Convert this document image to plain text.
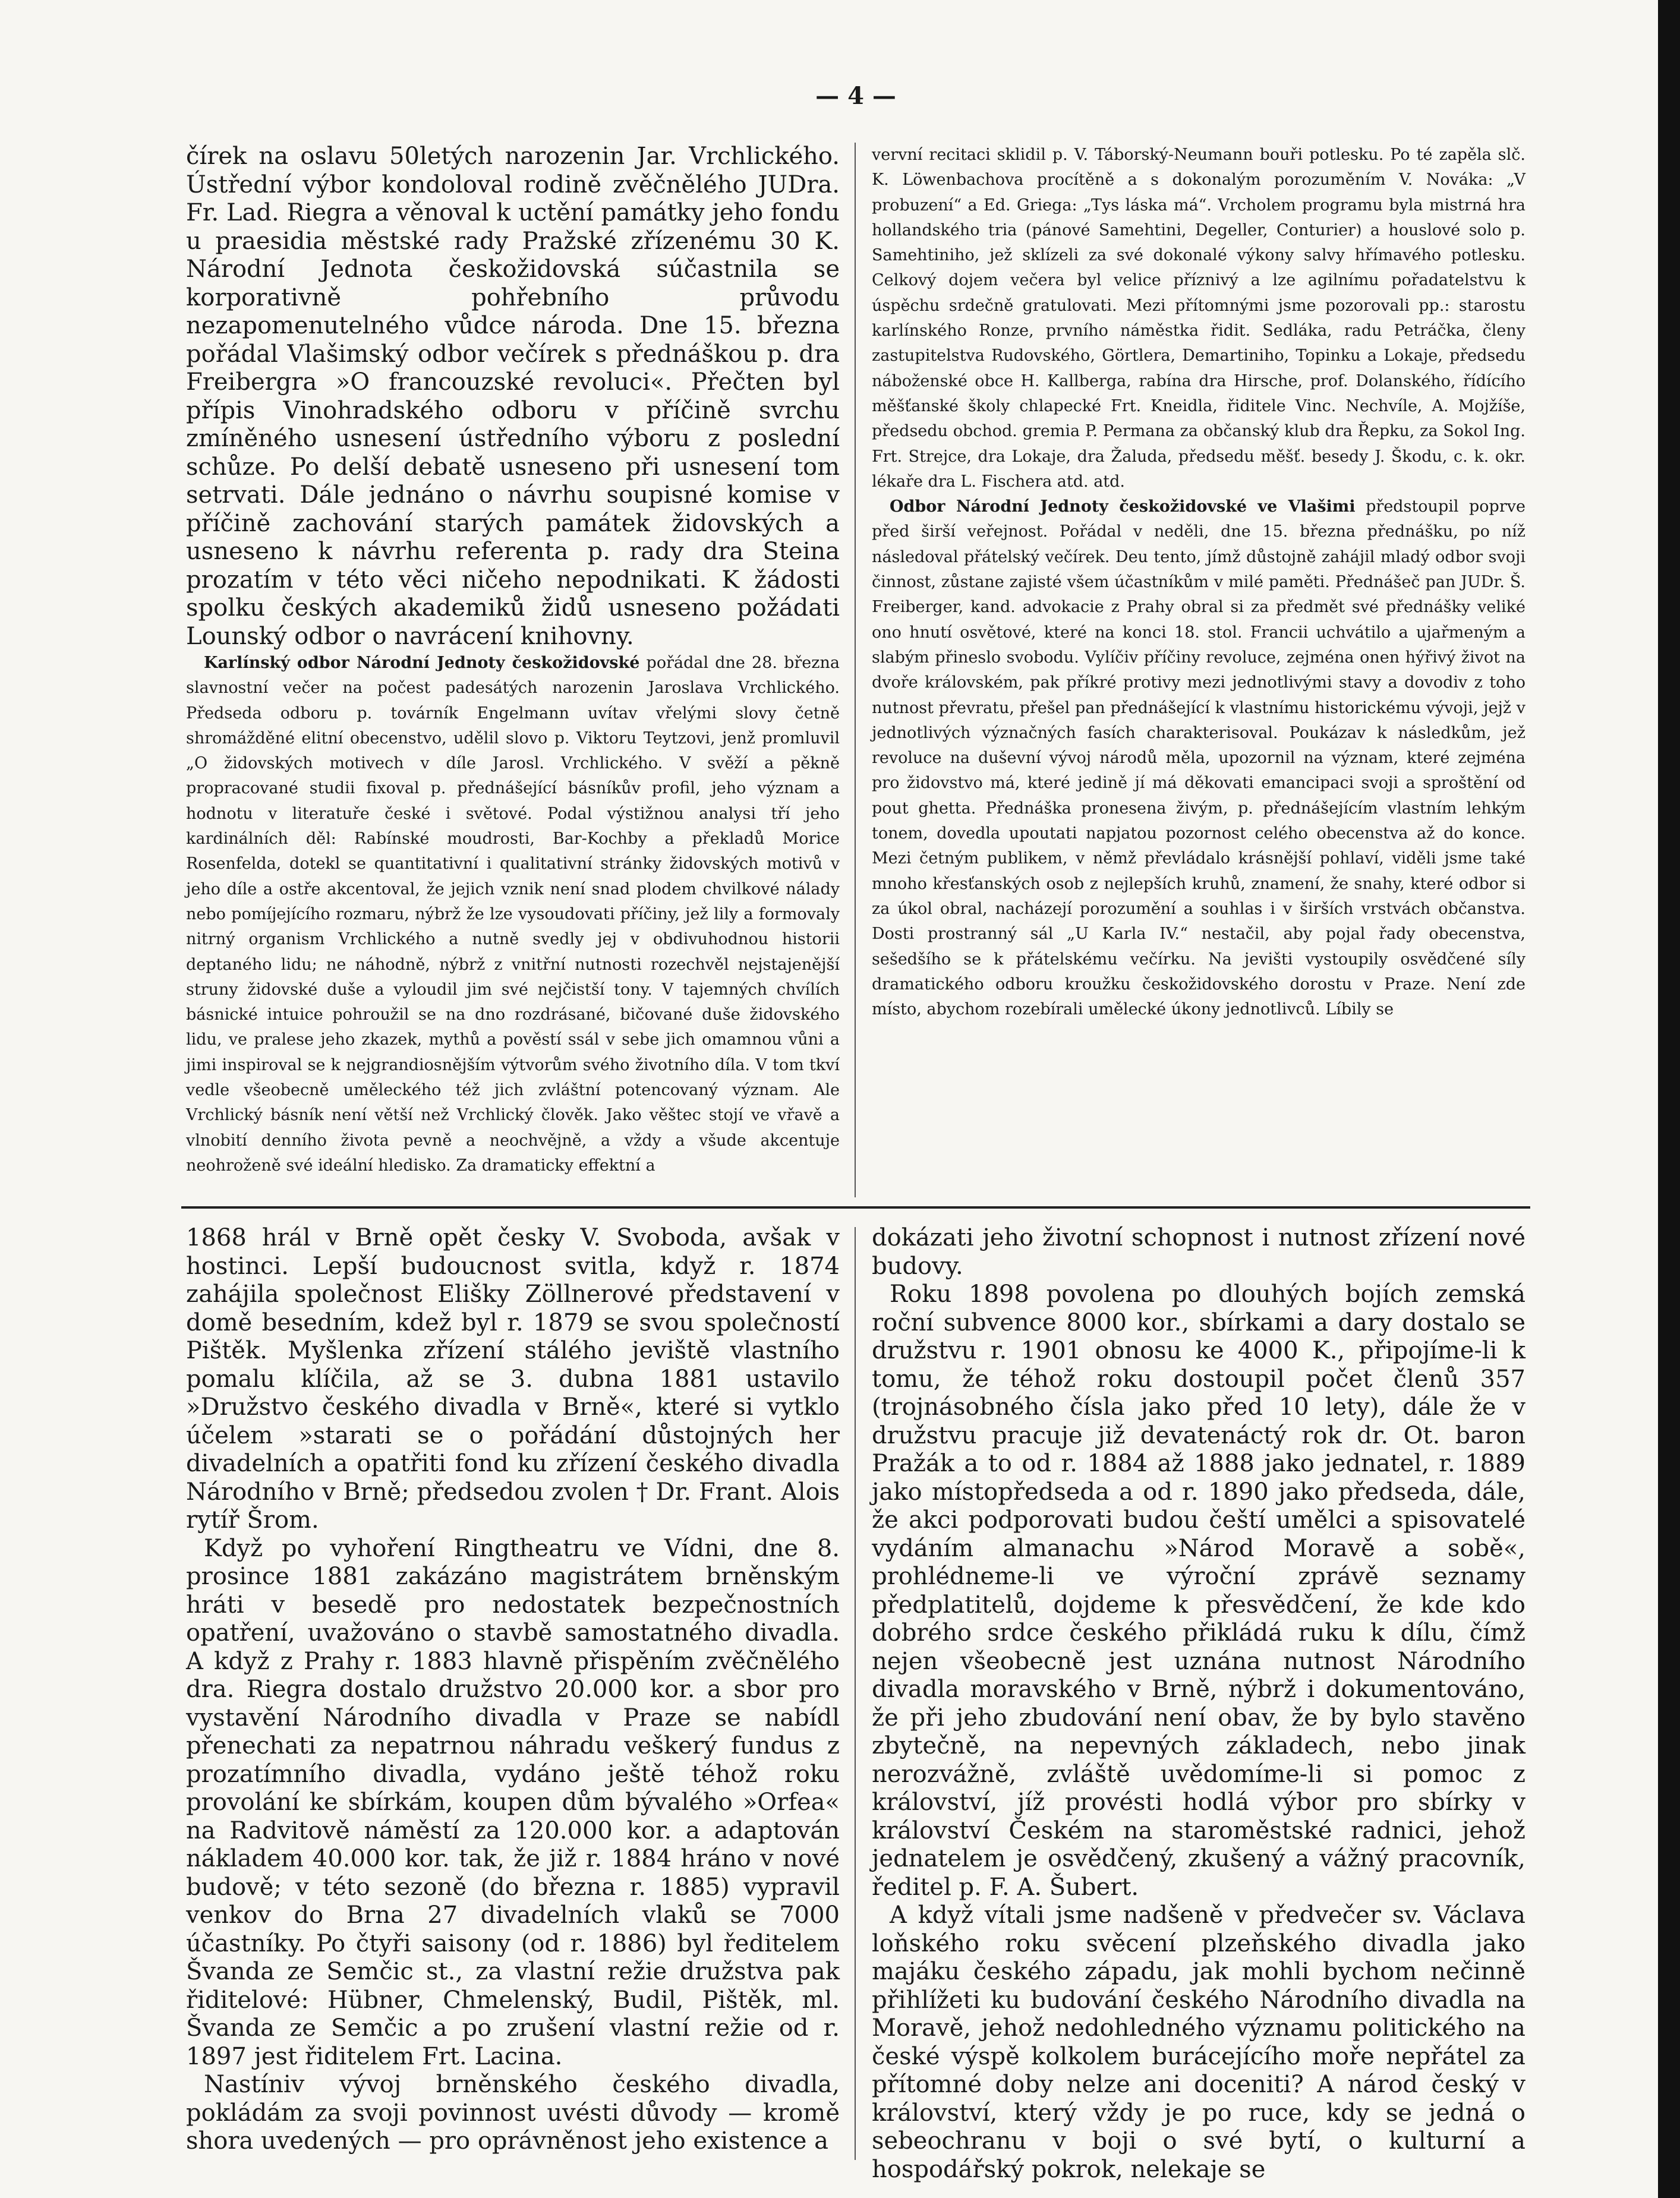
— 4 —

čírek na oslavu 50letých narozenin Jar. Vrchlického. Ústřední výbor kondoloval rodině zvěčnělého JUDra. Fr. Lad. Riegra a věnoval k uctění památky jeho fondu u praesidia městské rady Pražské zřízenému 30 K. Národní Jednota českožidovská súčastnila se korporativně pohřebního průvodu nezapomenutelného vůdce národa. Dne 15. března pořádal Vlašimský odbor večírek s přednáškou p. dra Freibergra »O francouzské revoluci«. Přečten byl přípis Vinohradského odboru v příčině svrchu zmíněného usnesení ústředního výboru z poslední schůze. Po delší debatě usneseno při usnesení tom setrvati. Dále jednáno o návrhu soupisné komise v příčině zachování starých památek židovských a usneseno k návrhu referenta p. rady dra Steina prozatím v této věci ničeho nepodnikati. K žádosti spolku českých akademiků židů usneseno požádati Lounský odbor o navrácení knihovny.

Karlínský odbor Národní Jednoty českožidovské pořádal dne 28. března slavnostní večer na počest padesátých narozenin Jaroslava Vrchlického. Předseda odboru p. továrník Engelmann uvítav vřelými slovy četně shromážděné elitní obecenstvo, udělil slovo p. Viktoru Teytzovi, jenž promluvil „O židovských motivech v díle Jarosl. Vrchlického. V svěží a pěkně propracované studii fixoval p. přednášející básníkův profil, jeho význam a hodnotu v literatuře české i světové. Podal výstižnou analysi tří jeho kardinálních děl: Rabínské moudrosti, Bar-Kochby a překladů Morice Rosenfelda, dotekl se quantitativní i qualitativní stránky židovských motivů v jeho díle a ostře akcentoval, že jejich vznik není snad plodem chvilkové nálady nebo pomíjejícího rozmaru, nýbrž že lze vysoudovati příčiny, jež lily a formovaly nitrný organism Vrchlického a nutně svedly jej v obdivuhodnou historii deptaného lidu; ne náhodně, nýbrž z vnitřní nutnosti rozechvěl nejstajenější struny židovské duše a vyloudil jim své nejčistší tony. V tajemných chvílích básnické intuice pohroužil se na dno rozdrásané, bičované duše židovského lidu, ve pralese jeho zkazek, mythů a pověstí ssál v sebe jich omamnou vůni a jimi inspiroval se k nejgrandiosnějším výtvorům svého životního díla. V tom tkví vedle všeobecně uměleckého též jich zvláštní potencovaný význam. Ale Vrchlický básník není větší než Vrchlický člověk. Jako věštec stojí ve vřavě a vlnobití denního života pevně a neochvějně, a vždy a všude akcentuje neohroženě své ideální hledisko. Za dramaticky effektní a

vervní recitaci sklidil p. V. Táborský-Neumann bouři potlesku. Po té zapěla slč. K. Löwenbachova procítěně a s dokonalým porozuměním V. Nováka: „V probuzení“ a Ed. Griega: „Tys láska má“. Vrcholem programu byla mistrná hra hollandského tria (pánové Samehtini, Degeller, Conturier) a houslové solo p. Samehtiniho, jež sklízeli za své dokonalé výkony salvy hřímavého potlesku. Celkový dojem večera byl velice příznivý a lze agilnímu pořadatelstvu k úspěchu srdečně gratulovati. Mezi přítomnými jsme pozorovali pp.: starostu karlínského Ronze, prvního náměstka řidit. Sedláka, radu Petráčka, členy zastupitelstva Rudovského, Görtlera, Demartiniho, Topinku a Lokaje, předsedu náboženské obce H. Kallberga, rabína dra Hirsche, prof. Dolanského, řídícího měšťanské školy chlapecké Frt. Kneidla, řiditele Vinc. Nechvíle, A. Mojžíše, předsedu obchod. gremia P. Permana za občanský klub dra Řepku, za Sokol Ing. Frt. Strejce, dra Lokaje, dra Žaluda, předsedu měšť. besedy J. Škodu, c. k. okr. lékaře dra L. Fischera atd. atd.

Odbor Národní Jednoty českožidovské ve Vlašimi předstoupil poprve před širší veřejnost. Pořádal v neděli, dne 15. března přednášku, po níž následoval přátelský večírek. Deu tento, jímž důstojně zahájil mladý odbor svoji činnost, zůstane zajisté všem účastníkům v milé paměti. Přednášeč pan JUDr. Š. Freiberger, kand. advokacie z Prahy obral si za předmět své přednášky veliké ono hnutí osvětové, které na konci 18. stol. Francii uchvátilo a ujařmeným a slabým přineslo svobodu. Vylíčiv příčiny revoluce, zejména onen hýřivý život na dvoře královském, pak příkré protivy mezi jednotlivými stavy a dovodiv z toho nutnost převratu, přešel pan přednášející k vlastnímu historickému vývoji, jejž v jednotlivých význačných fasích charakterisoval. Poukázav k následkům, jež revoluce na duševní vývoj národů měla, upozornil na význam, které zejména pro židovstvo má, které jedině jí má děkovati emancipaci svoji a sproštění od pout ghetta. Přednáška pronesena živým, p. přednášejícím vlastním lehkým tonem, dovedla upoutati napjatou pozornost celého obecenstva až do konce. Mezi četným publikem, v němž převládalo krásnější pohlaví, viděli jsme také mnoho křesťanských osob z nejlepších kruhů, znamení, že snahy, které odbor si za úkol obral, nacházejí porozumění a souhlas i v širších vrstvách občanstva. Dosti prostranný sál „U Karla IV.“ nestačil, aby pojal řady obecenstva, sešedšího se k přátelskému večírku. Na jevišti vystoupily osvědčené síly dramatického odboru kroužku českožidovského dorostu v Praze. Není zde místo, abychom rozebírali umělecké úkony jednotlivců. Líbily se

1868 hrál v Brně opět česky V. Svoboda, avšak v hostinci. Lepší budoucnost svitla, když r. 1874 zahájila společnost Elišky Zöllnerové představení v domě besedním, kdež byl r. 1879 se svou společností Pištěk. Myšlenka zřízení stálého jeviště vlastního pomalu klíčila, až se 3. dubna 1881 ustavilo »Družstvo českého divadla v Brně«, které si vytklo účelem »starati se o pořádání důstojných her divadelních a opatřiti fond ku zřízení českého divadla Národního v Brně; předsedou zvolen † Dr. Frant. Alois rytíř Šrom.

Když po vyhoření Ringtheatru ve Vídni, dne 8. prosince 1881 zakázáno magistrátem brněnským hráti v besedě pro nedostatek bezpečnostních opatření, uvažováno o stavbě samostatného divadla. A když z Prahy r. 1883 hlavně přispěním zvěčnělého dra. Riegra dostalo družstvo 20.000 kor. a sbor pro vystavění Národního divadla v Praze se nabídl přenechati za nepatrnou náhradu veškerý fundus z prozatímního divadla, vydáno ještě téhož roku provolání ke sbírkám, koupen dům bývalého »Orfea« na Radvitově náměstí za 120.000 kor. a adaptován nákladem 40.000 kor. tak, že již r. 1884 hráno v nové budově; v této sezoně (do března r. 1885) vypravil venkov do Brna 27 divadelních vlaků se 7000 účastníky. Po čtyři saisony (od r. 1886) byl ředitelem Švanda ze Semčic st., za vlastní režie družstva pak řiditelové: Hübner, Chmelenský, Budil, Pištěk, ml. Švanda ze Semčic a po zrušení vlastní režie od r. 1897 jest řiditelem Frt. Lacina.

Nastíniv vývoj brněnského českého divadla, pokládám za svoji povinnost uvésti důvody — kromě shora uvedených — pro oprávněnost jeho existence a

dokázati jeho životní schopnost i nutnost zřízení nové budovy.

Roku 1898 povolena po dlouhých bojích zemská roční subvence 8000 kor., sbírkami a dary dostalo se družstvu r. 1901 obnosu ke 4000 K., připojíme-li k tomu, že téhož roku dostoupil počet členů 357 (trojnásobného čísla jako před 10 lety), dále že v družstvu pracuje již devatenáctý rok dr. Ot. baron Pražák a to od r. 1884 až 1888 jako jednatel, r. 1889 jako místopředseda a od r. 1890 jako předseda, dále, že akci podporovati budou čeští umělci a spisovatelé vydáním almanachu »Národ Moravě a sobě«, prohlédneme-li ve výroční zprávě seznamy předplatitelů, dojdeme k přesvědčení, že kde kdo dobrého srdce českého přikládá ruku k dílu, čímž nejen všeobecně jest uznána nutnost Národního divadla moravského v Brně, nýbrž i dokumentováno, že při jeho zbudování není obav, že by bylo stavěno zbytečně, na nepevných základech, nebo jinak nerozvážně, zvláště uvědomíme-li si pomoc z království, jíž provésti hodlá výbor pro sbírky v království Českém na staroměstské radnici, jehož jednatelem je osvědčený, zkušený a vážný pracovník, ředitel p. F. A. Šubert.

A když vítali jsme nadšeně v předvečer sv. Václava loňského roku svěcení plzeňského divadla jako majáku českého západu, jak mohli bychom nečinně přihlížeti ku budování českého Národního divadla na Moravě, jehož nedohledného významu politického na české výspě kolkolem burácejícího moře nepřátel za přítomné doby nelze ani doceniti? A národ český v království, který vždy je po ruce, kdy se jedná o sebeochranu v boji o své bytí, o kulturní a hospodářský pokrok, nelekaje se
